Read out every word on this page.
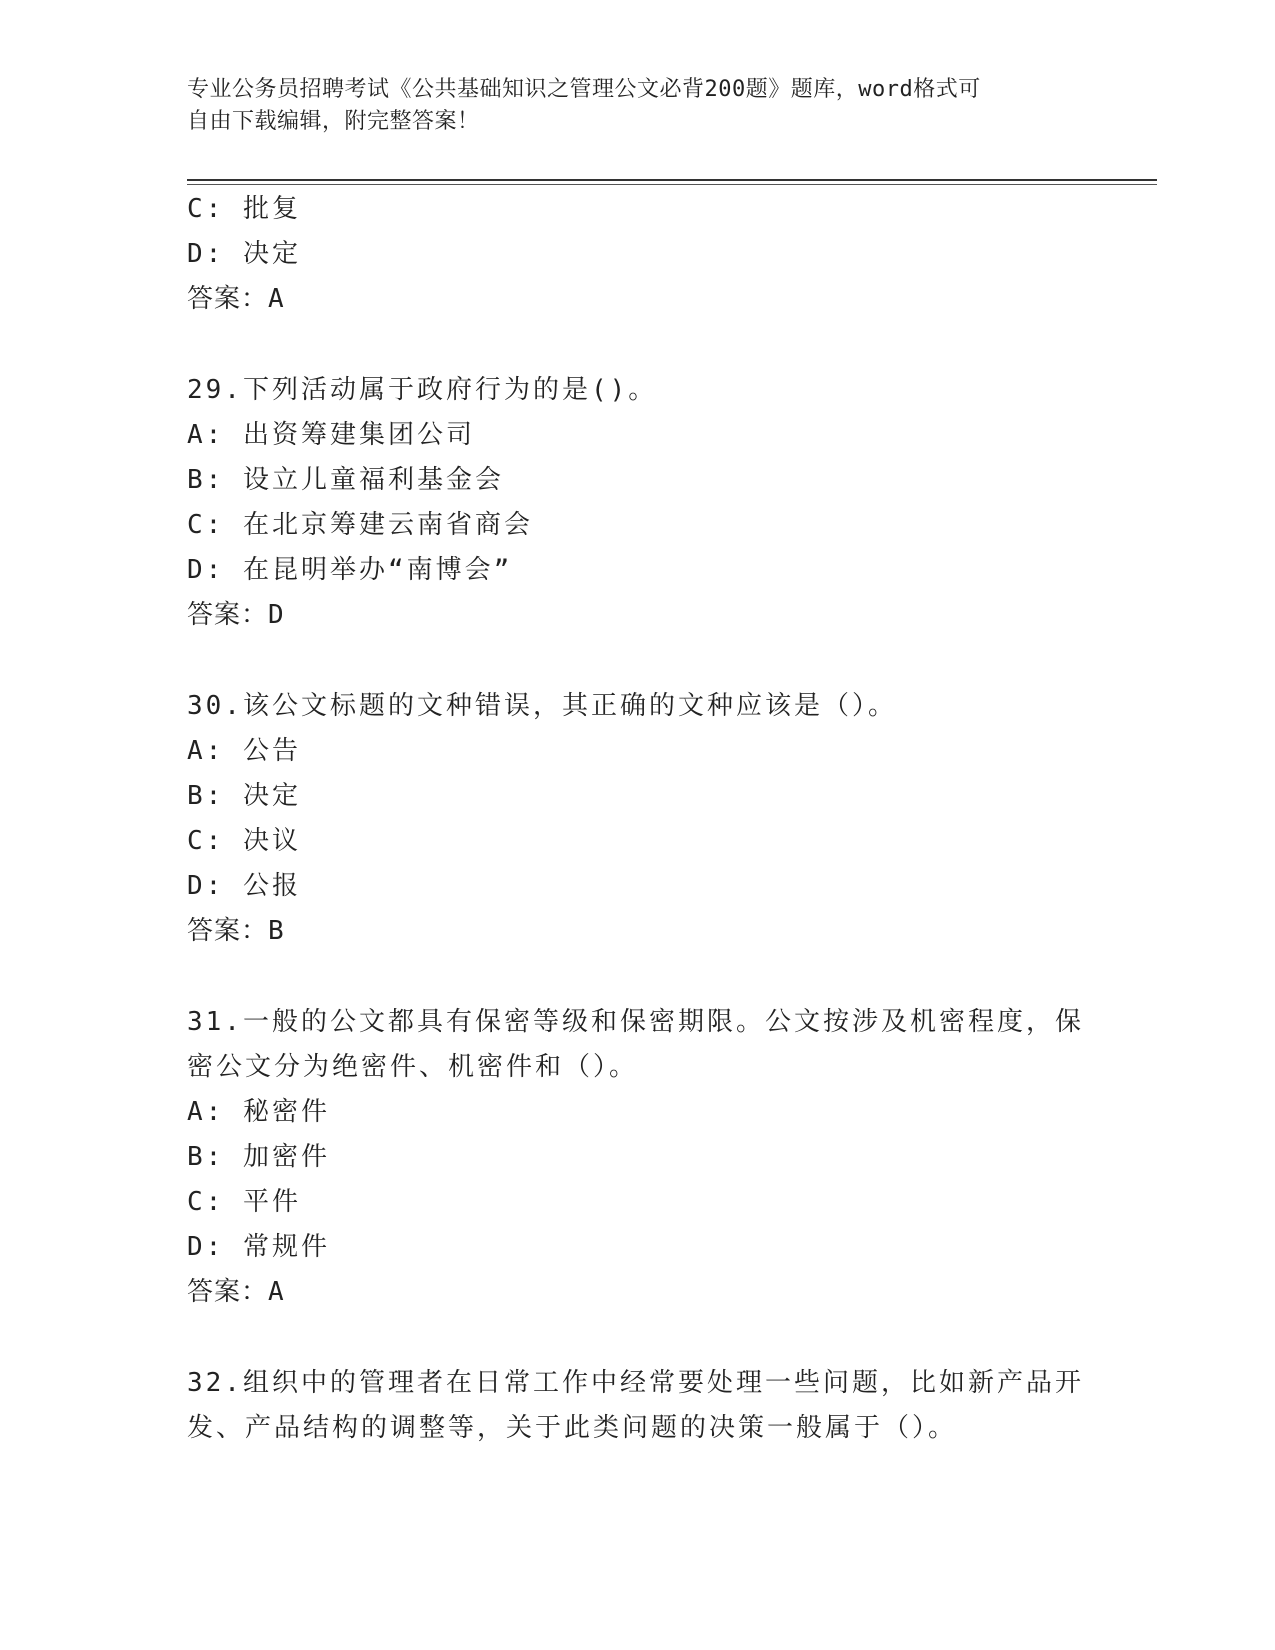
专业公务员招聘考试《公共基础知识之管理公文必背200题》题库，word格式可
自由下载编辑，附完整答案！
C: 批复
D: 决定
答案：A
29.下列活动属于政府行为的是()。
A: 出资筹建集团公司
B: 设立儿童福利基金会
C: 在北京筹建云南省商会
D: 在昆明举办“南博会”
答案：D
30.该公文标题的文种错误，其正确的文种应该是（）。
A: 公告
B: 决定
C: 决议
D: 公报
答案：B
31.一般的公文都具有保密等级和保密期限。公文按涉及机密程度，保
密公文分为绝密件、机密件和（）。
A: 秘密件
B: 加密件
C: 平件
D: 常规件
答案：A
32.组织中的管理者在日常工作中经常要处理一些问题，比如新产品开
发、产品结构的调整等，关于此类问题的决策一般属于（）。
